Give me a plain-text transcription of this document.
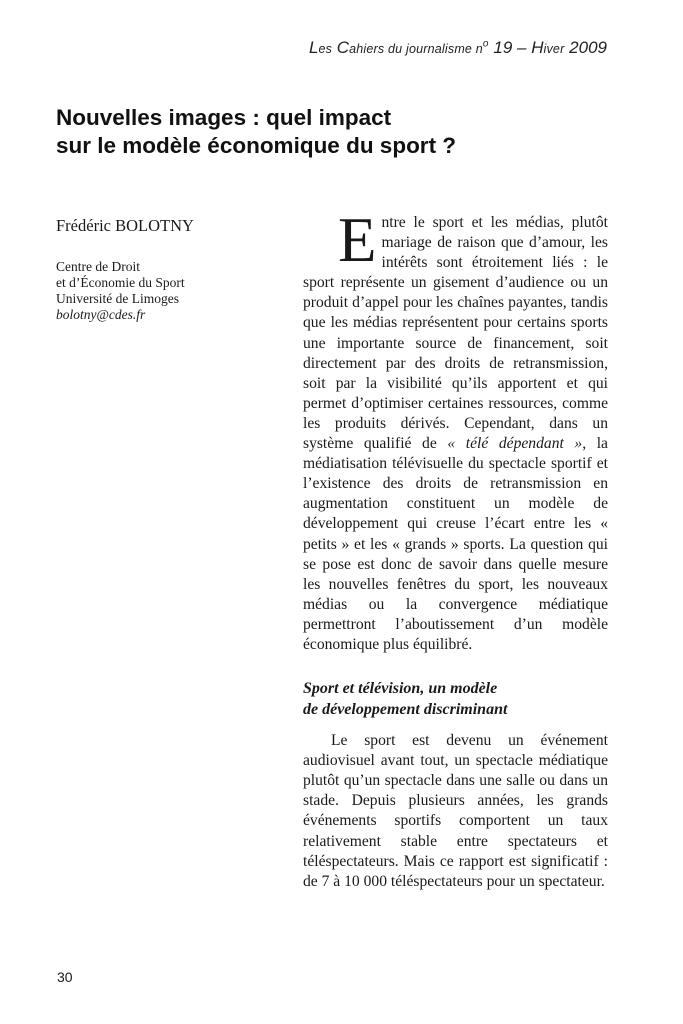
Les Cahiers du journalisme $n^o$ 19 – Hiver 2009
Nouvelles images : quel impact
sur le modèle économique du sport ?
Frédéric BOLOTNY
Centre de Droit
et d’Économie du Sport
Université de Limoges
bolotny@cdes.fr

Entre le sport et les médias, plutôt mariage de raison que d’amour, les intérêts sont étroitement liés : le sport représente un gisement d’audience ou un produit d’appel pour les chaînes payantes, tandis que les médias représentent pour certains sports une importante source de financement, soit directement par des droits de retransmission, soit par la visibilité qu’ils apportent et qui permet d’optimiser certaines ressources, comme les produits dérivés. Cependant, dans un système qualifié de « télé dépendant », la médiatisation télévisuelle du spectacle sportif et l’existence des droits de retransmission en augmentation constituent un modèle de développement qui creuse l’écart entre les « petits » et les « grands » sports. La question qui se pose est donc de savoir dans quelle mesure les nouvelles fenêtres du sport, les nouveaux médias ou la convergence médiatique permettront l’aboutissement d’un modèle économique plus équilibré.

Sport et télévision, un modèle
de développement discriminant

Le sport est devenu un événement audiovisuel avant tout, un spectacle médiatique plutôt qu’un spectacle dans une salle ou dans un stade. Depuis plusieurs années, les grands événements sportifs comportent un taux relativement stable entre spectateurs et téléspectateurs. Mais ce rapport est significatif : de 7 à 10 000 téléspectateurs pour un spectateur.

30
